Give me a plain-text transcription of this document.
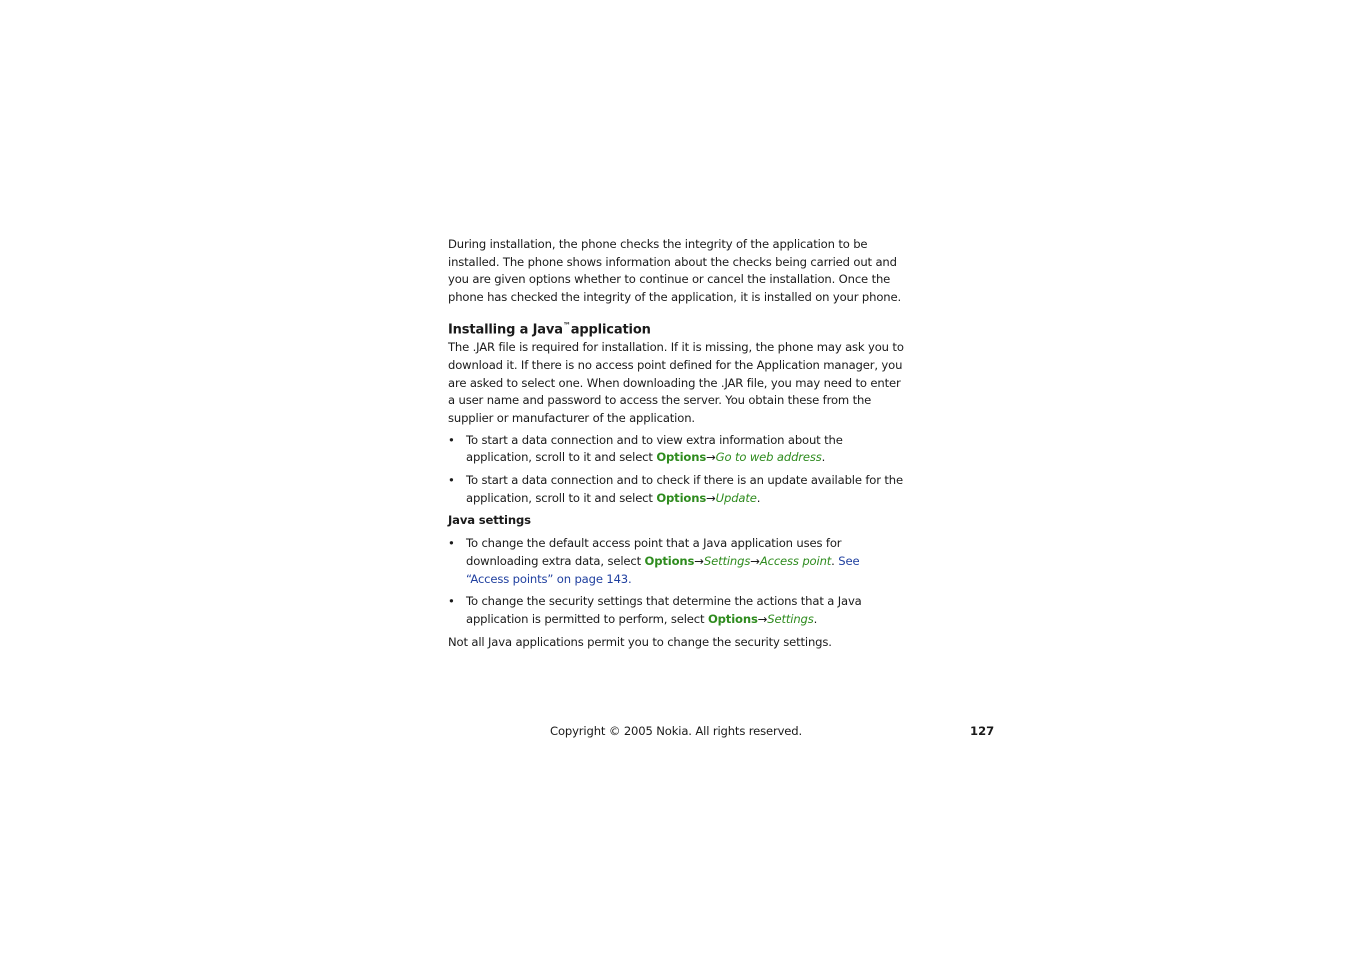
During installation, the phone checks the integrity of the application to be installed. The phone shows information about the checks being carried out and you are given options whether to continue or cancel the installation. Once the phone has checked the integrity of the application, it is installed on your phone.

Installing a Java™application

The .JAR file is required for installation. If it is missing, the phone may ask you to download it. If there is no access point defined for the Application manager, you are asked to select one. When downloading the .JAR file, you may need to enter a user name and password to access the server. You obtain these from the supplier or manufacturer of the application.

• To start a data connection and to view extra information about the application, scroll to it and select Options→Go to web address.
• To start a data connection and to check if there is an update available for the application, scroll to it and select Options→Update.

Java settings

• To change the default access point that a Java application uses for downloading extra data, select Options→Settings→Access point. See “Access points” on page 143.
• To change the security settings that determine the actions that a Java application is permitted to perform, select Options→Settings.

Not all Java applications permit you to change the security settings.

Copyright © 2005 Nokia. All rights reserved.	127
